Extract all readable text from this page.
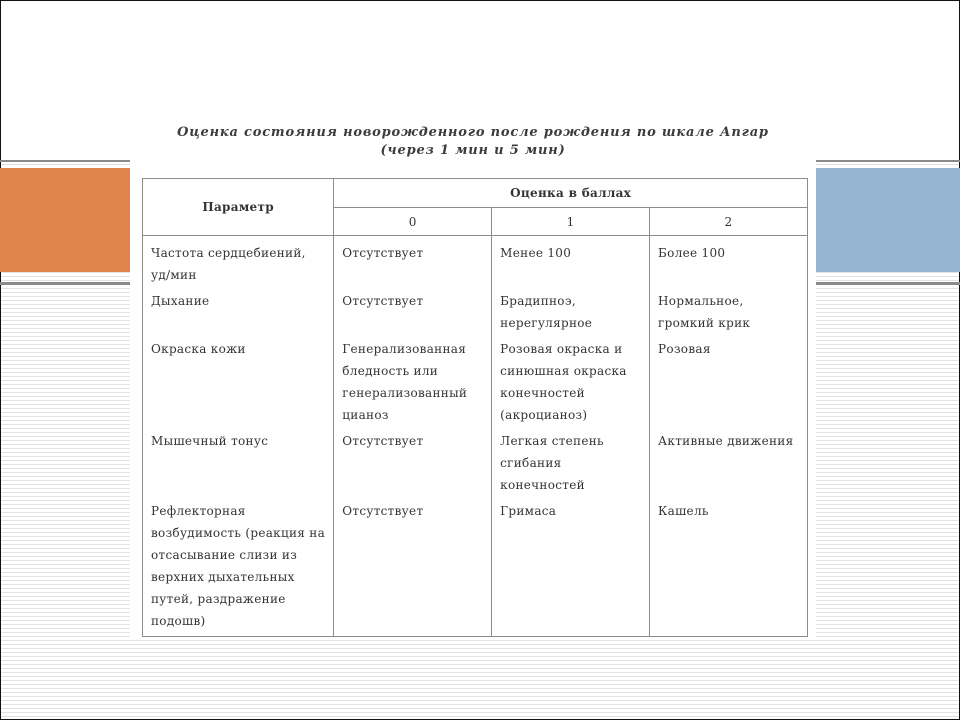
Оценка состояния новорожденного после рождения по шкале Апгар
(через 1 мин и 5 мин)
Параметр	Оценка в баллах		
	0	1	2
Частота сердцебиений, уд/мин	Отсутствует	Менее 100	Более 100
Дыхание	Отсутствует	Брадипноэ, нерегулярное	Нормальное, громкий крик
Окраска кожи	Генерализованная бледность или генерализованный цианоз	Розовая окраска и синюшная окраска конечностей (акроцианоз)	Розовая
Мышечный тонус	Отсутствует	Легкая степень сгибания конечностей	Активные движения
Рефлекторная возбудимость (реакция на отсасывание слизи из верхних дыхательных путей, раздражение подошв)	Отсутствует	Гримаса	Кашель
